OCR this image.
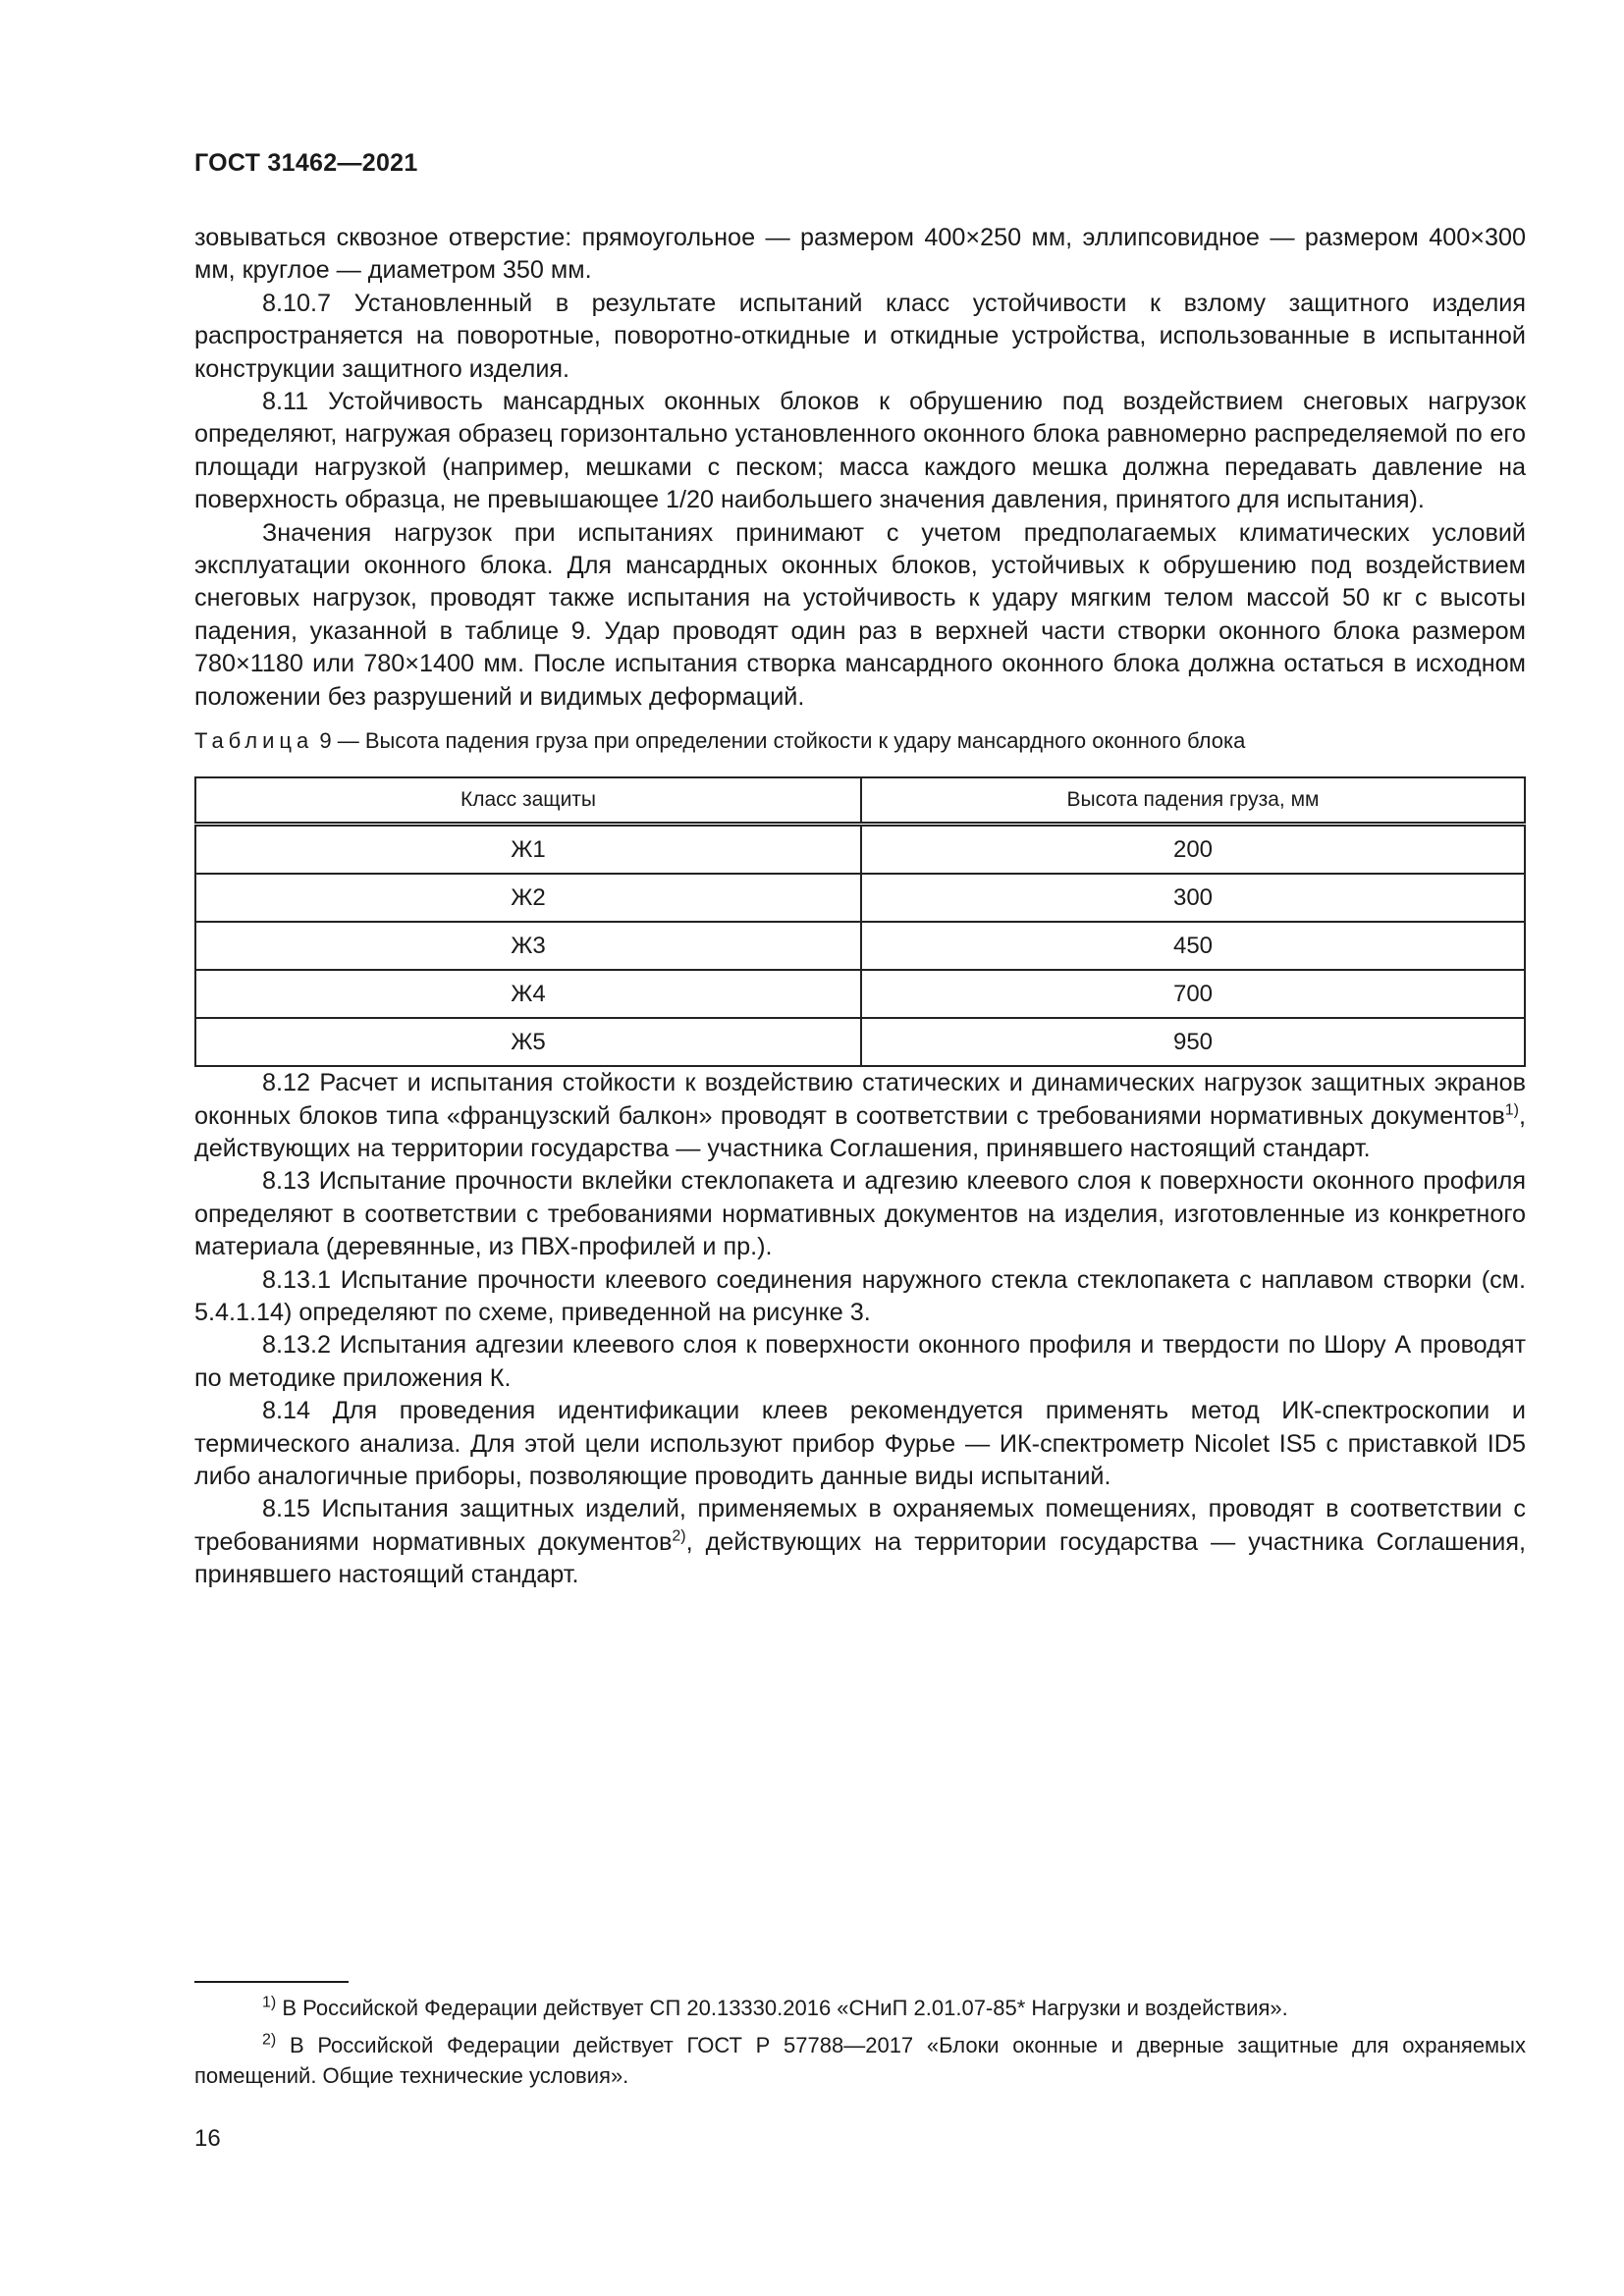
ГОСТ 31462—2021

зовываться сквозное отверстие: прямоугольное — размером 400×250 мм, эллипсовидное — размером 400×300 мм, круглое — диаметром 350 мм.

8.10.7 Установленный в результате испытаний класс устойчивости к взлому защитного изделия распространяется на поворотные, поворотно-откидные и откидные устройства, использованные в испытанной конструкции защитного изделия.

8.11 Устойчивость мансардных оконных блоков к обрушению под воздействием снеговых нагрузок определяют, нагружая образец горизонтально установленного оконного блока равномерно распределяемой по его площади нагрузкой (например, мешками с песком; масса каждого мешка должна передавать давление на поверхность образца, не превышающее 1/20 наибольшего значения давления, принятого для испытания).

Значения нагрузок при испытаниях принимают с учетом предполагаемых климатических условий эксплуатации оконного блока. Для мансардных оконных блоков, устойчивых к обрушению под воздействием снеговых нагрузок, проводят также испытания на устойчивость к удару мягким телом массой 50 кг с высоты падения, указанной в таблице 9. Удар проводят один раз в верхней части створки оконного блока размером 780×1180 или 780×1400 мм. После испытания створка мансардного оконного блока должна остаться в исходном положении без разрушений и видимых деформаций.

Таблица 9 — Высота падения груза при определении стойкости к удару мансардного оконного блока
Класс защиты	Высота падения груза, мм
Ж1	200
Ж2	300
Ж3	450
Ж4	700
Ж5	950

8.12 Расчет и испытания стойкости к воздействию статических и динамических нагрузок защитных экранов оконных блоков типа «французский балкон» проводят в соответствии с требованиями нормативных документов$^{1)}$, действующих на территории государства — участника Соглашения, принявшего настоящий стандарт.

8.13 Испытание прочности вклейки стеклопакета и адгезию клеевого слоя к поверхности оконного профиля определяют в соответствии с требованиями нормативных документов на изделия, изготовленные из конкретного материала (деревянные, из ПВХ-профилей и пр.).

8.13.1 Испытание прочности клеевого соединения наружного стекла стеклопакета с наплавом створки (см. 5.4.1.14) определяют по схеме, приведенной на рисунке 3.

8.13.2 Испытания адгезии клеевого слоя к поверхности оконного профиля и твердости по Шору А проводят по методике приложения К.

8.14 Для проведения идентификации клеев рекомендуется применять метод ИК-спектроскопии и термического анализа. Для этой цели используют прибор Фурье — ИК-спектрометр Nicolet IS5 с приставкой ID5 либо аналогичные приборы, позволяющие проводить данные виды испытаний.

8.15 Испытания защитных изделий, применяемых в охраняемых помещениях, проводят в соответствии с требованиями нормативных документов$^{2)}$, действующих на территории государства — участника Соглашения, принявшего настоящий стандарт.

$^{1)}$ В Российской Федерации действует СП 20.13330.2016 «СНиП 2.01.07-85* Нагрузки и воздействия».

$^{2)}$ В Российской Федерации действует ГОСТ Р 57788—2017 «Блоки оконные и дверные защитные для охраняемых помещений. Общие технические условия».

16
